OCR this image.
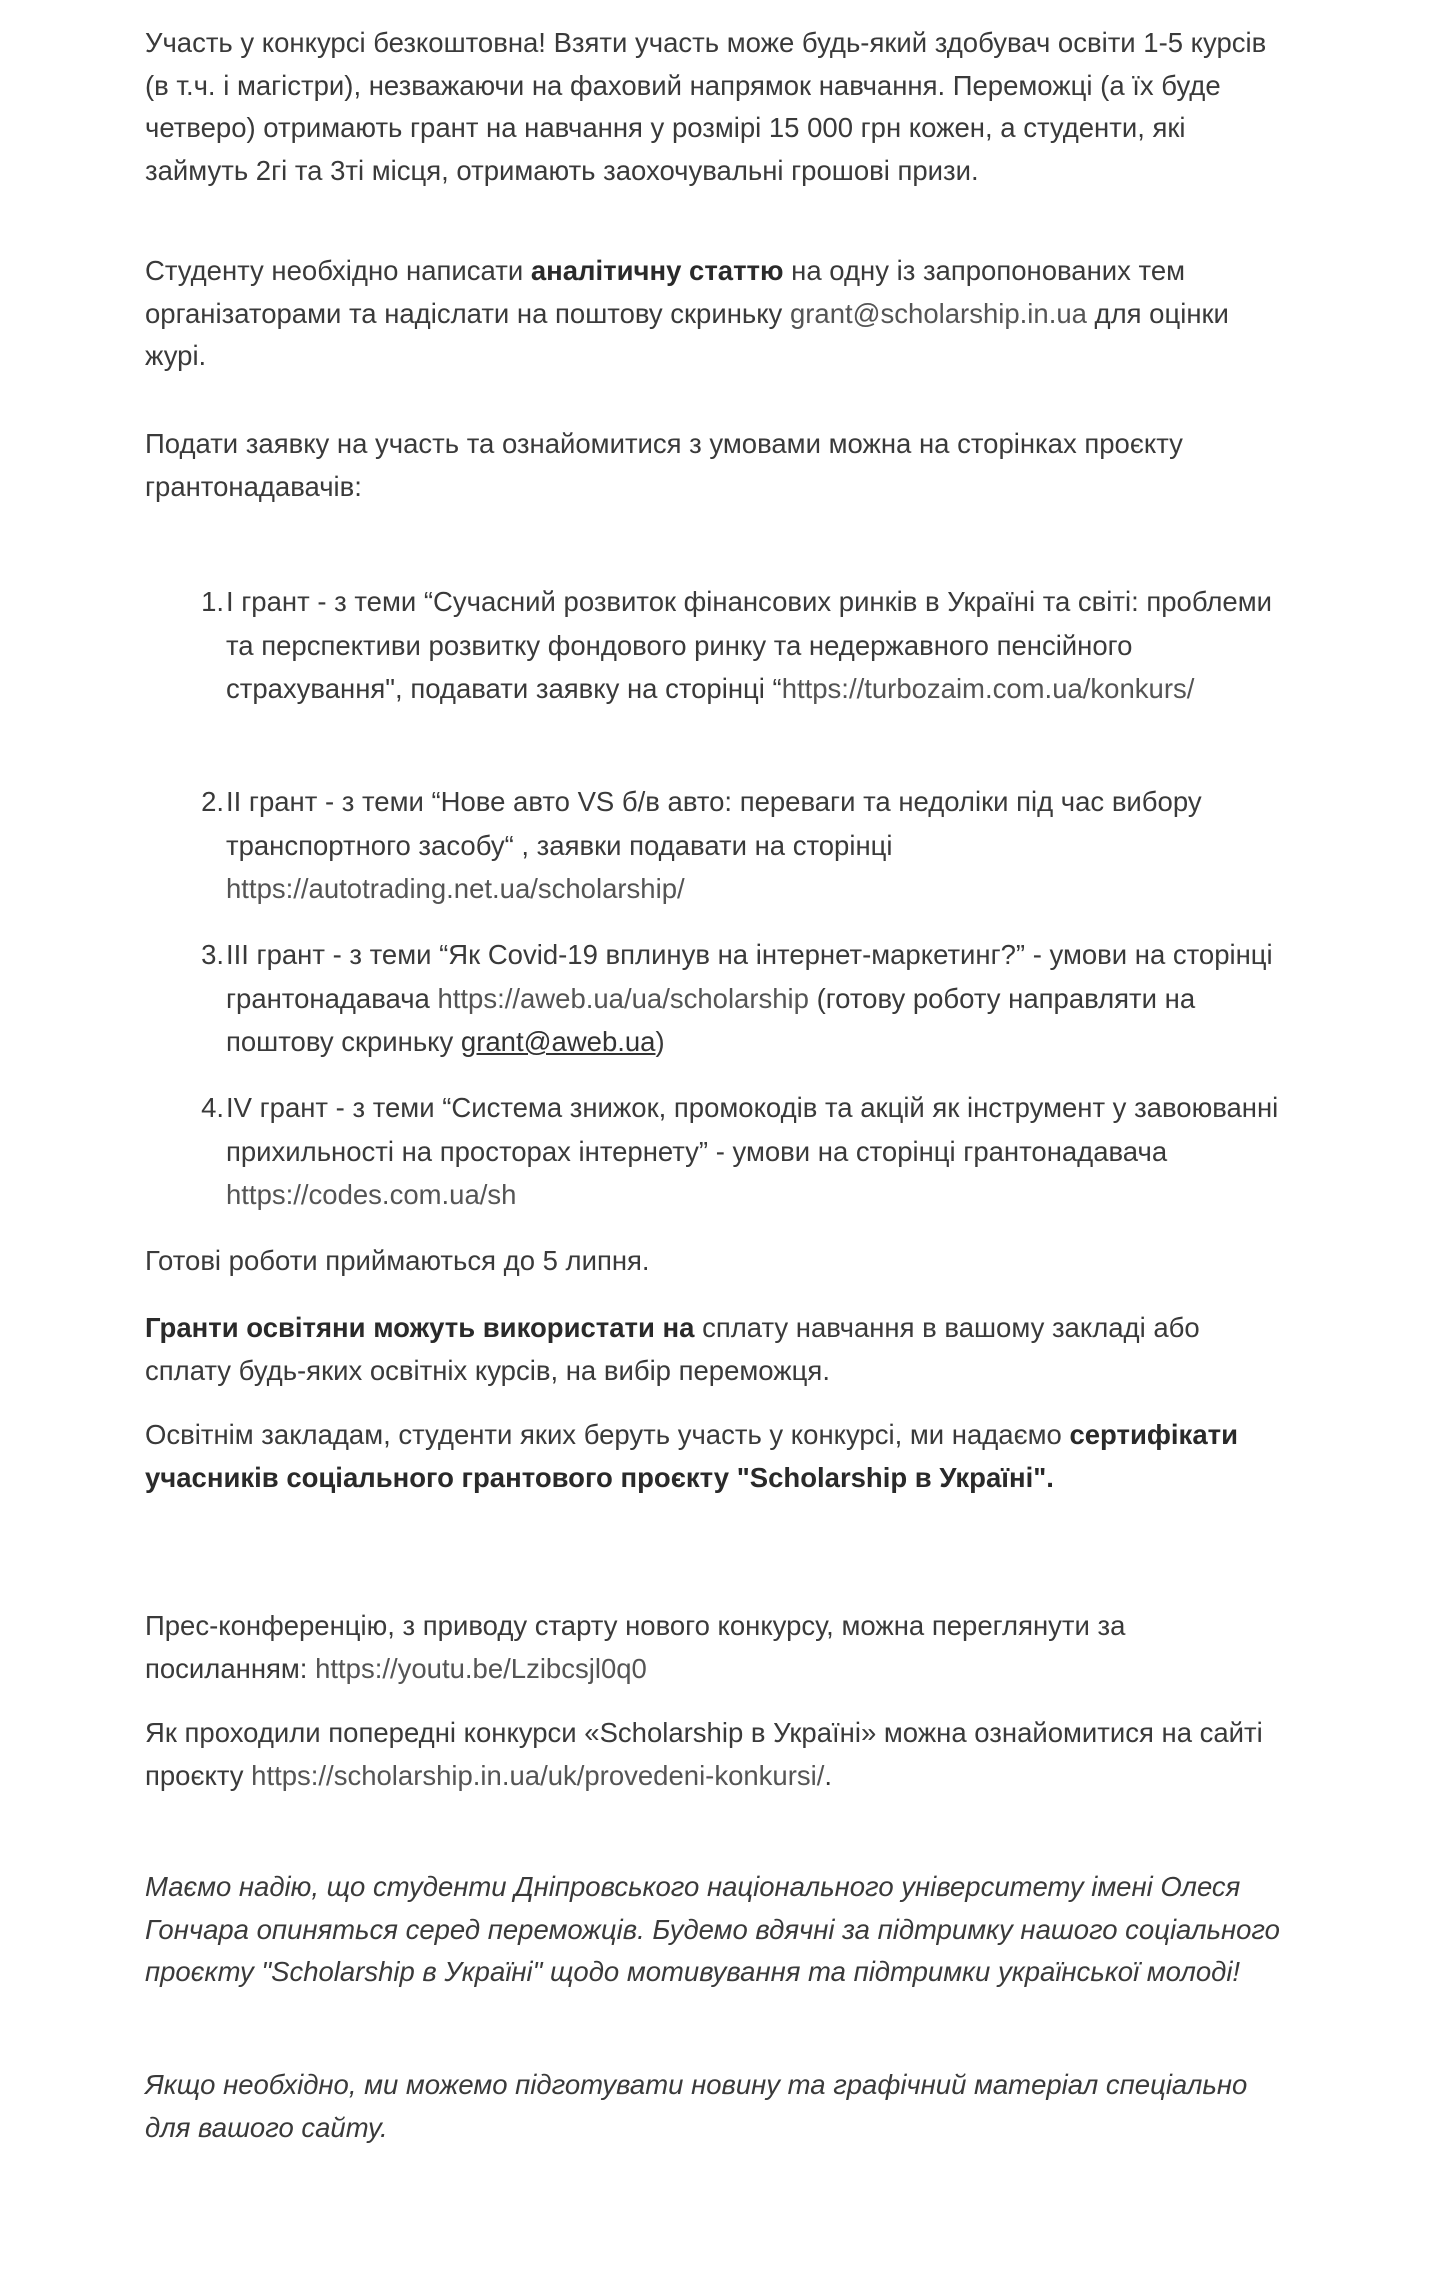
Участь у конкурсі безкоштовна! Взяти участь може будь-який здобувач освіти 1-5 курсів (в т.ч. і магістри), незважаючи на фаховий напрямок навчання. Переможці (а їх буде четверо) отримають грант на навчання у розмірі 15 000 грн кожен, а студенти, які займуть 2гі та 3ті місця, отримають заохочувальні грошові призи.

Студенту необхідно написати аналітичну статтю на одну із запропонованих тем організаторами та надіслати на поштову скриньку grant@scholarship.in.ua для оцінки журі.

Подати заявку на участь та ознайомитися з умовами можна на сторінках проєкту грантонадавачів:

1. І грант - з теми “Сучасний розвиток фінансових ринків в Україні та світі: проблеми та перспективи розвитку фондового ринку та недержавного пенсійного страхування", подавати заявку на сторінці “https://turbozaim.com.ua/konkurs/

2. ІІ грант - з теми “Нове авто VS б/в авто: переваги та недоліки під час вибору транспортного засобу“ , заявки подавати на сторінці https://autotrading.net.ua/scholarship/

3. ІІІ грант - з теми “Як Covid-19 вплинув на інтернет-маркетинг?” - умови на сторінці грантонадавача https://aweb.ua/ua/scholarship (готову роботу направляти на поштову скриньку grant@aweb.ua)

4. IV грант - з теми “Система знижок, промокодів та акцій як інструмент у завоюванні прихильності на просторах інтернету” - умови на сторінці грантонадавача https://codes.com.ua/sh

Готові роботи приймаються до 5 липня.

Гранти освітяни можуть використати на сплату навчання в вашому закладі або сплату будь-яких освітніх курсів, на вибір переможця.

Освітнім закладам, студенти яких беруть участь у конкурсі, ми надаємо сертифікати учасників соціального грантового проєкту "Scholarship в Україні".

Прес-конференцію, з приводу старту нового конкурсу, можна переглянути за посиланням: https://youtu.be/Lzibcsjl0q0

Як проходили попередні конкурси «Scholarship в Україні» можна ознайомитися на сайті проєкту https://scholarship.in.ua/uk/provedeni-konkursi/.

Маємо надію, що студенти Дніпровського національного університету імені Олеся Гончара опиняться серед переможців. Будемо вдячні за підтримку нашого соціального проєкту "Scholarship в Україні" щодо мотивування та підтримки української молоді!

Якщо необхідно, ми можемо підготувати новину та графічний матеріал спеціально для вашого сайту.
